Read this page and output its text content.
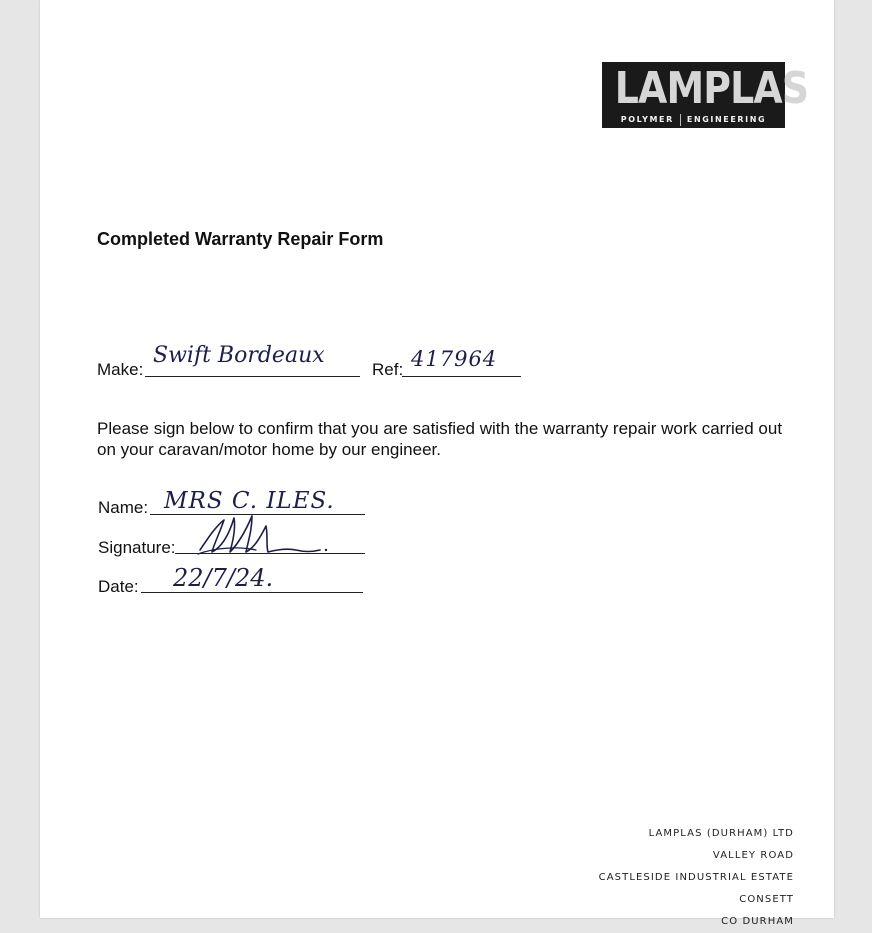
LAMPLAS
POLYMER	ENGINEERING
Completed Warranty Repair Form
Make:
Swift Bordeaux
Ref: 417964

Please sign below to confirm that you are satisfied with the warranty repair work carried out on your caravan/motor home by our engineer.

Name: MRS C. ILES.
Signature:
Date: 22/7/24.
LAMPLAS (DURHAM) LTD
VALLEY ROAD
CASTLESIDE INDUSTRIAL ESTATE
CONSETT
CO DURHAM
